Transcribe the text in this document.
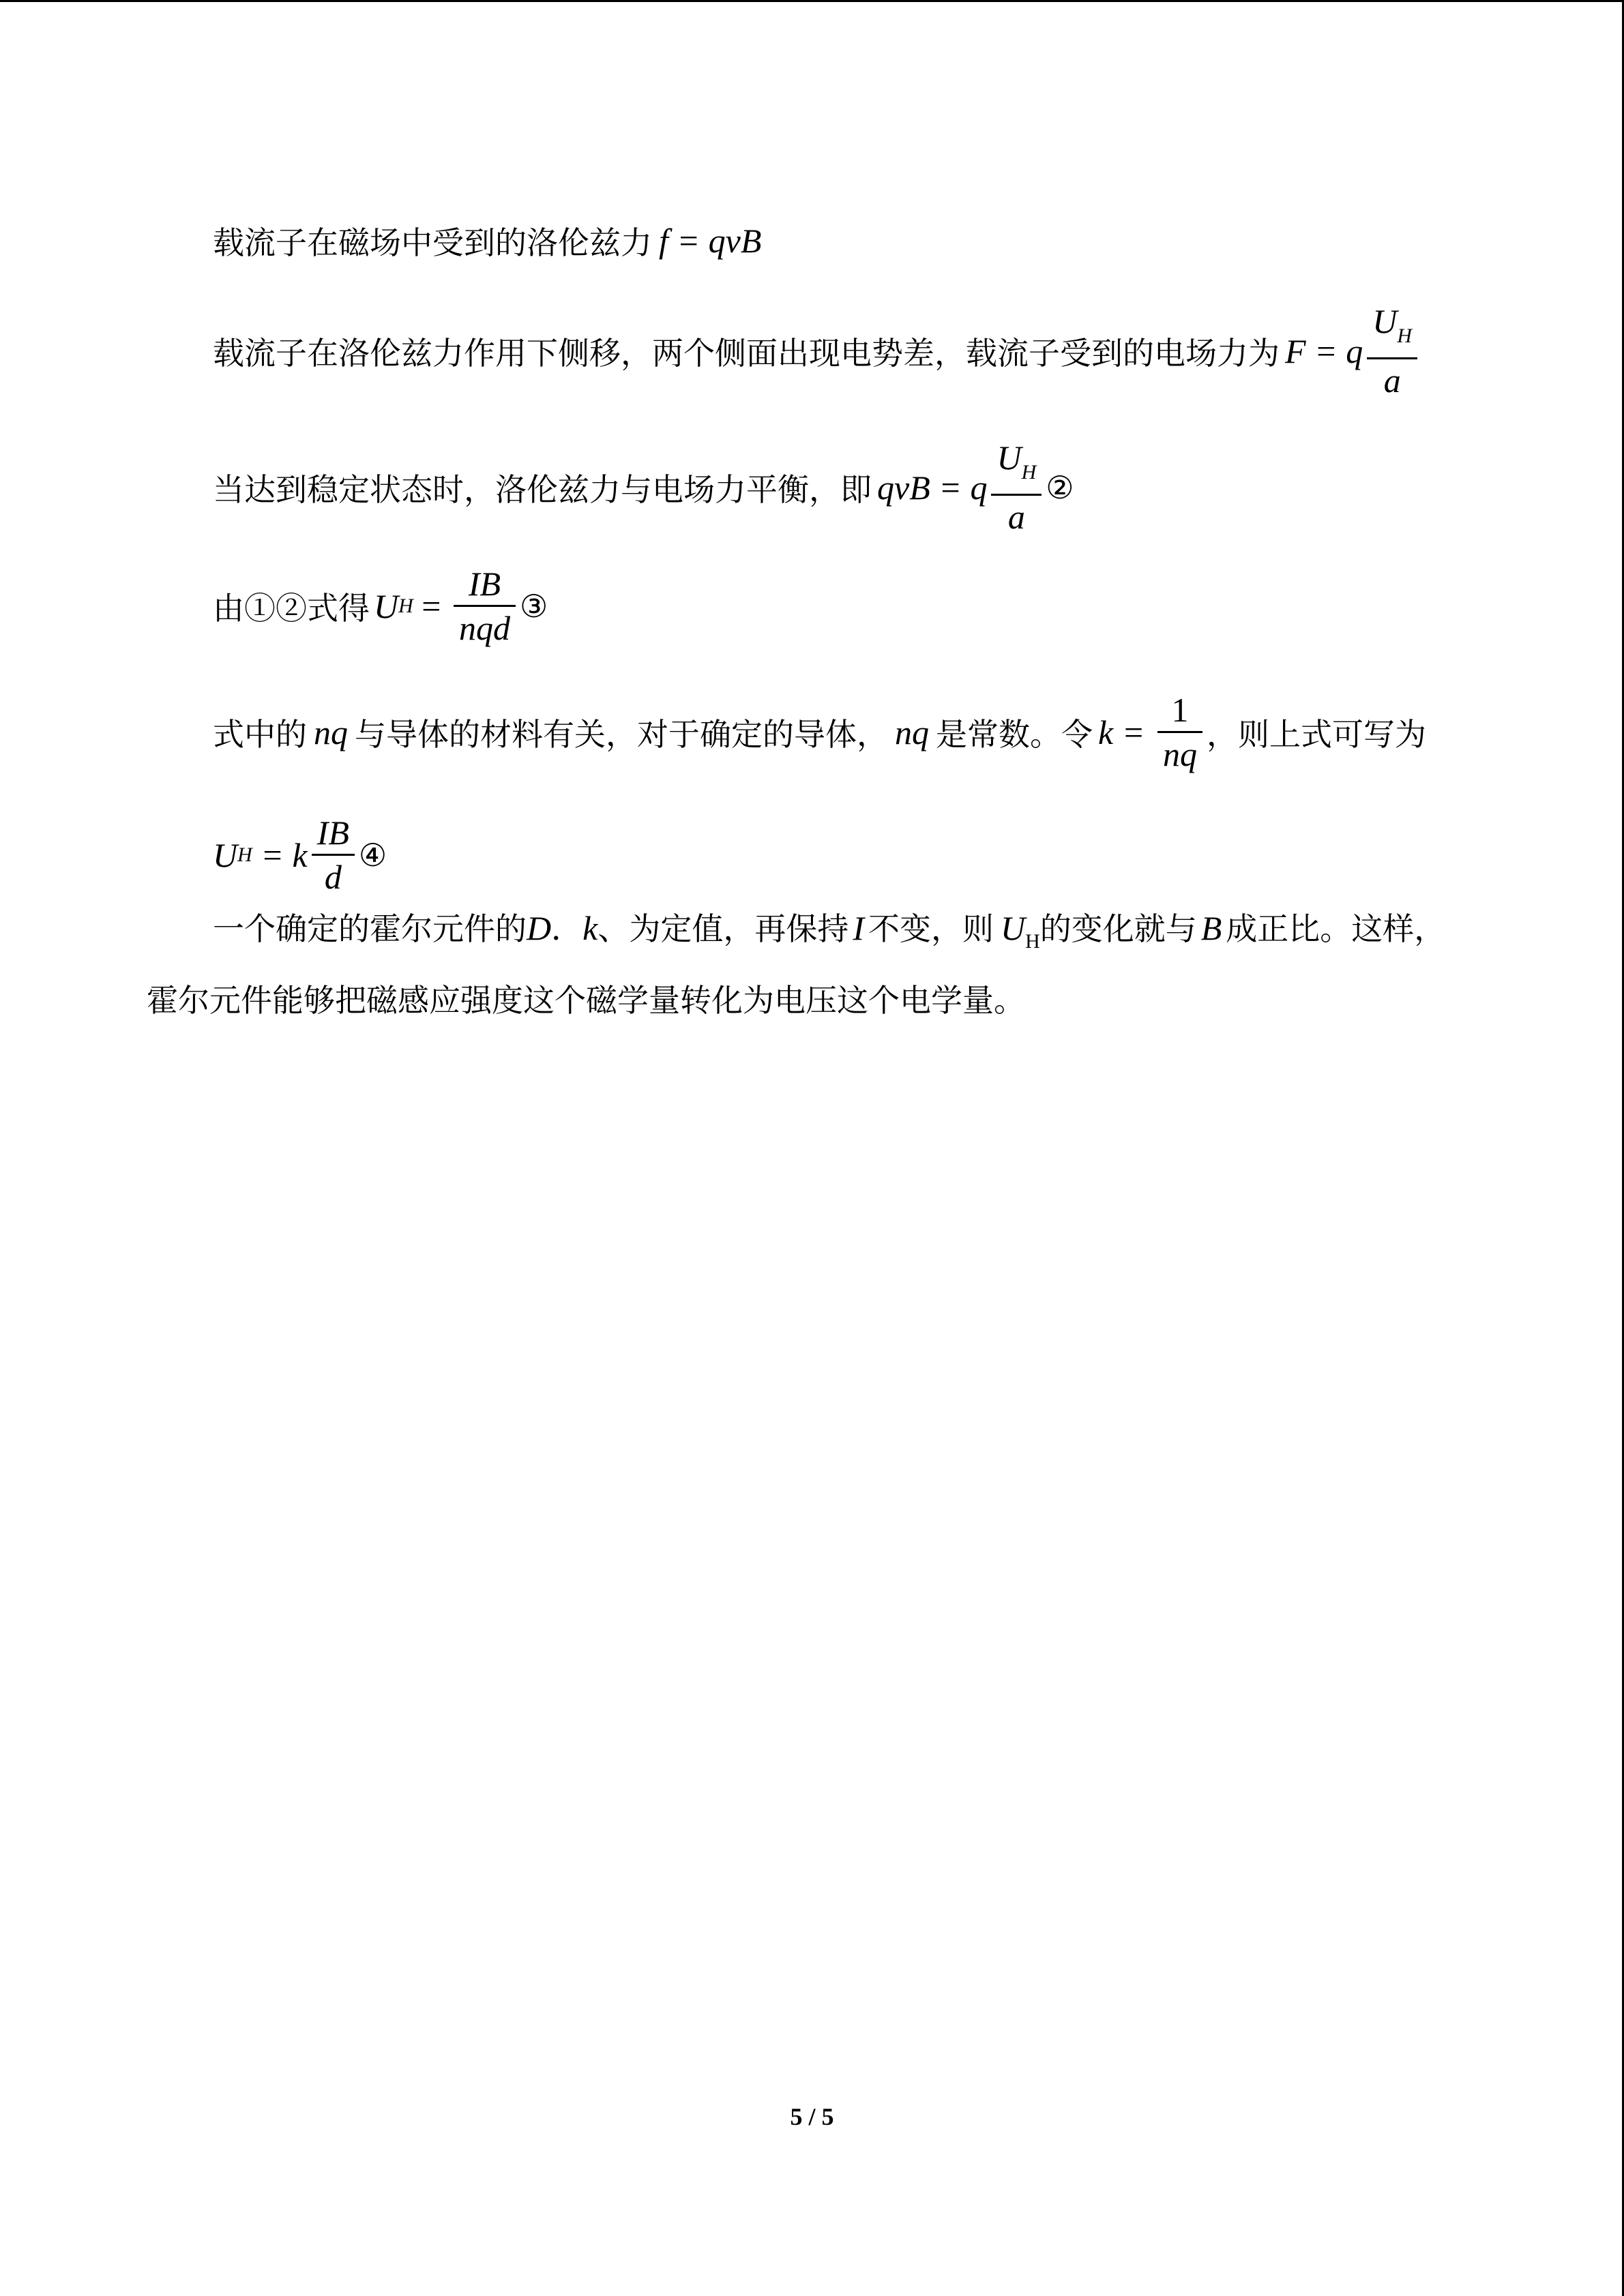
载流子在磁场中受到的洛伦兹力 f = qvB
载流子在洛伦兹力作用下侧移，两个侧面出现电势差，载流子受到的电场力为 F = q $\frac{U_H}{a}$
当达到稳定状态时，洛伦兹力与电场力平衡，即 qvB = q $\frac{U_H}{a}$ ②
由①②式得 U $H = \frac{IB}{\text{nqd}}$ ③
式中的 nq 与导体的材料有关，对于确定的导体， nq 是常数。令 $k = \frac{1}{nq}$ ，则上式可写为
U H = k $\frac{IB}{d}$ ④
一个确定的霍尔元件的D．k、为定值，再保持 I 不变，则 $U_H$的变化就与 B 成正比。这样，霍尔元件能够把磁感应强度这个磁学量转化为电压这个电学量。
5 / 5
